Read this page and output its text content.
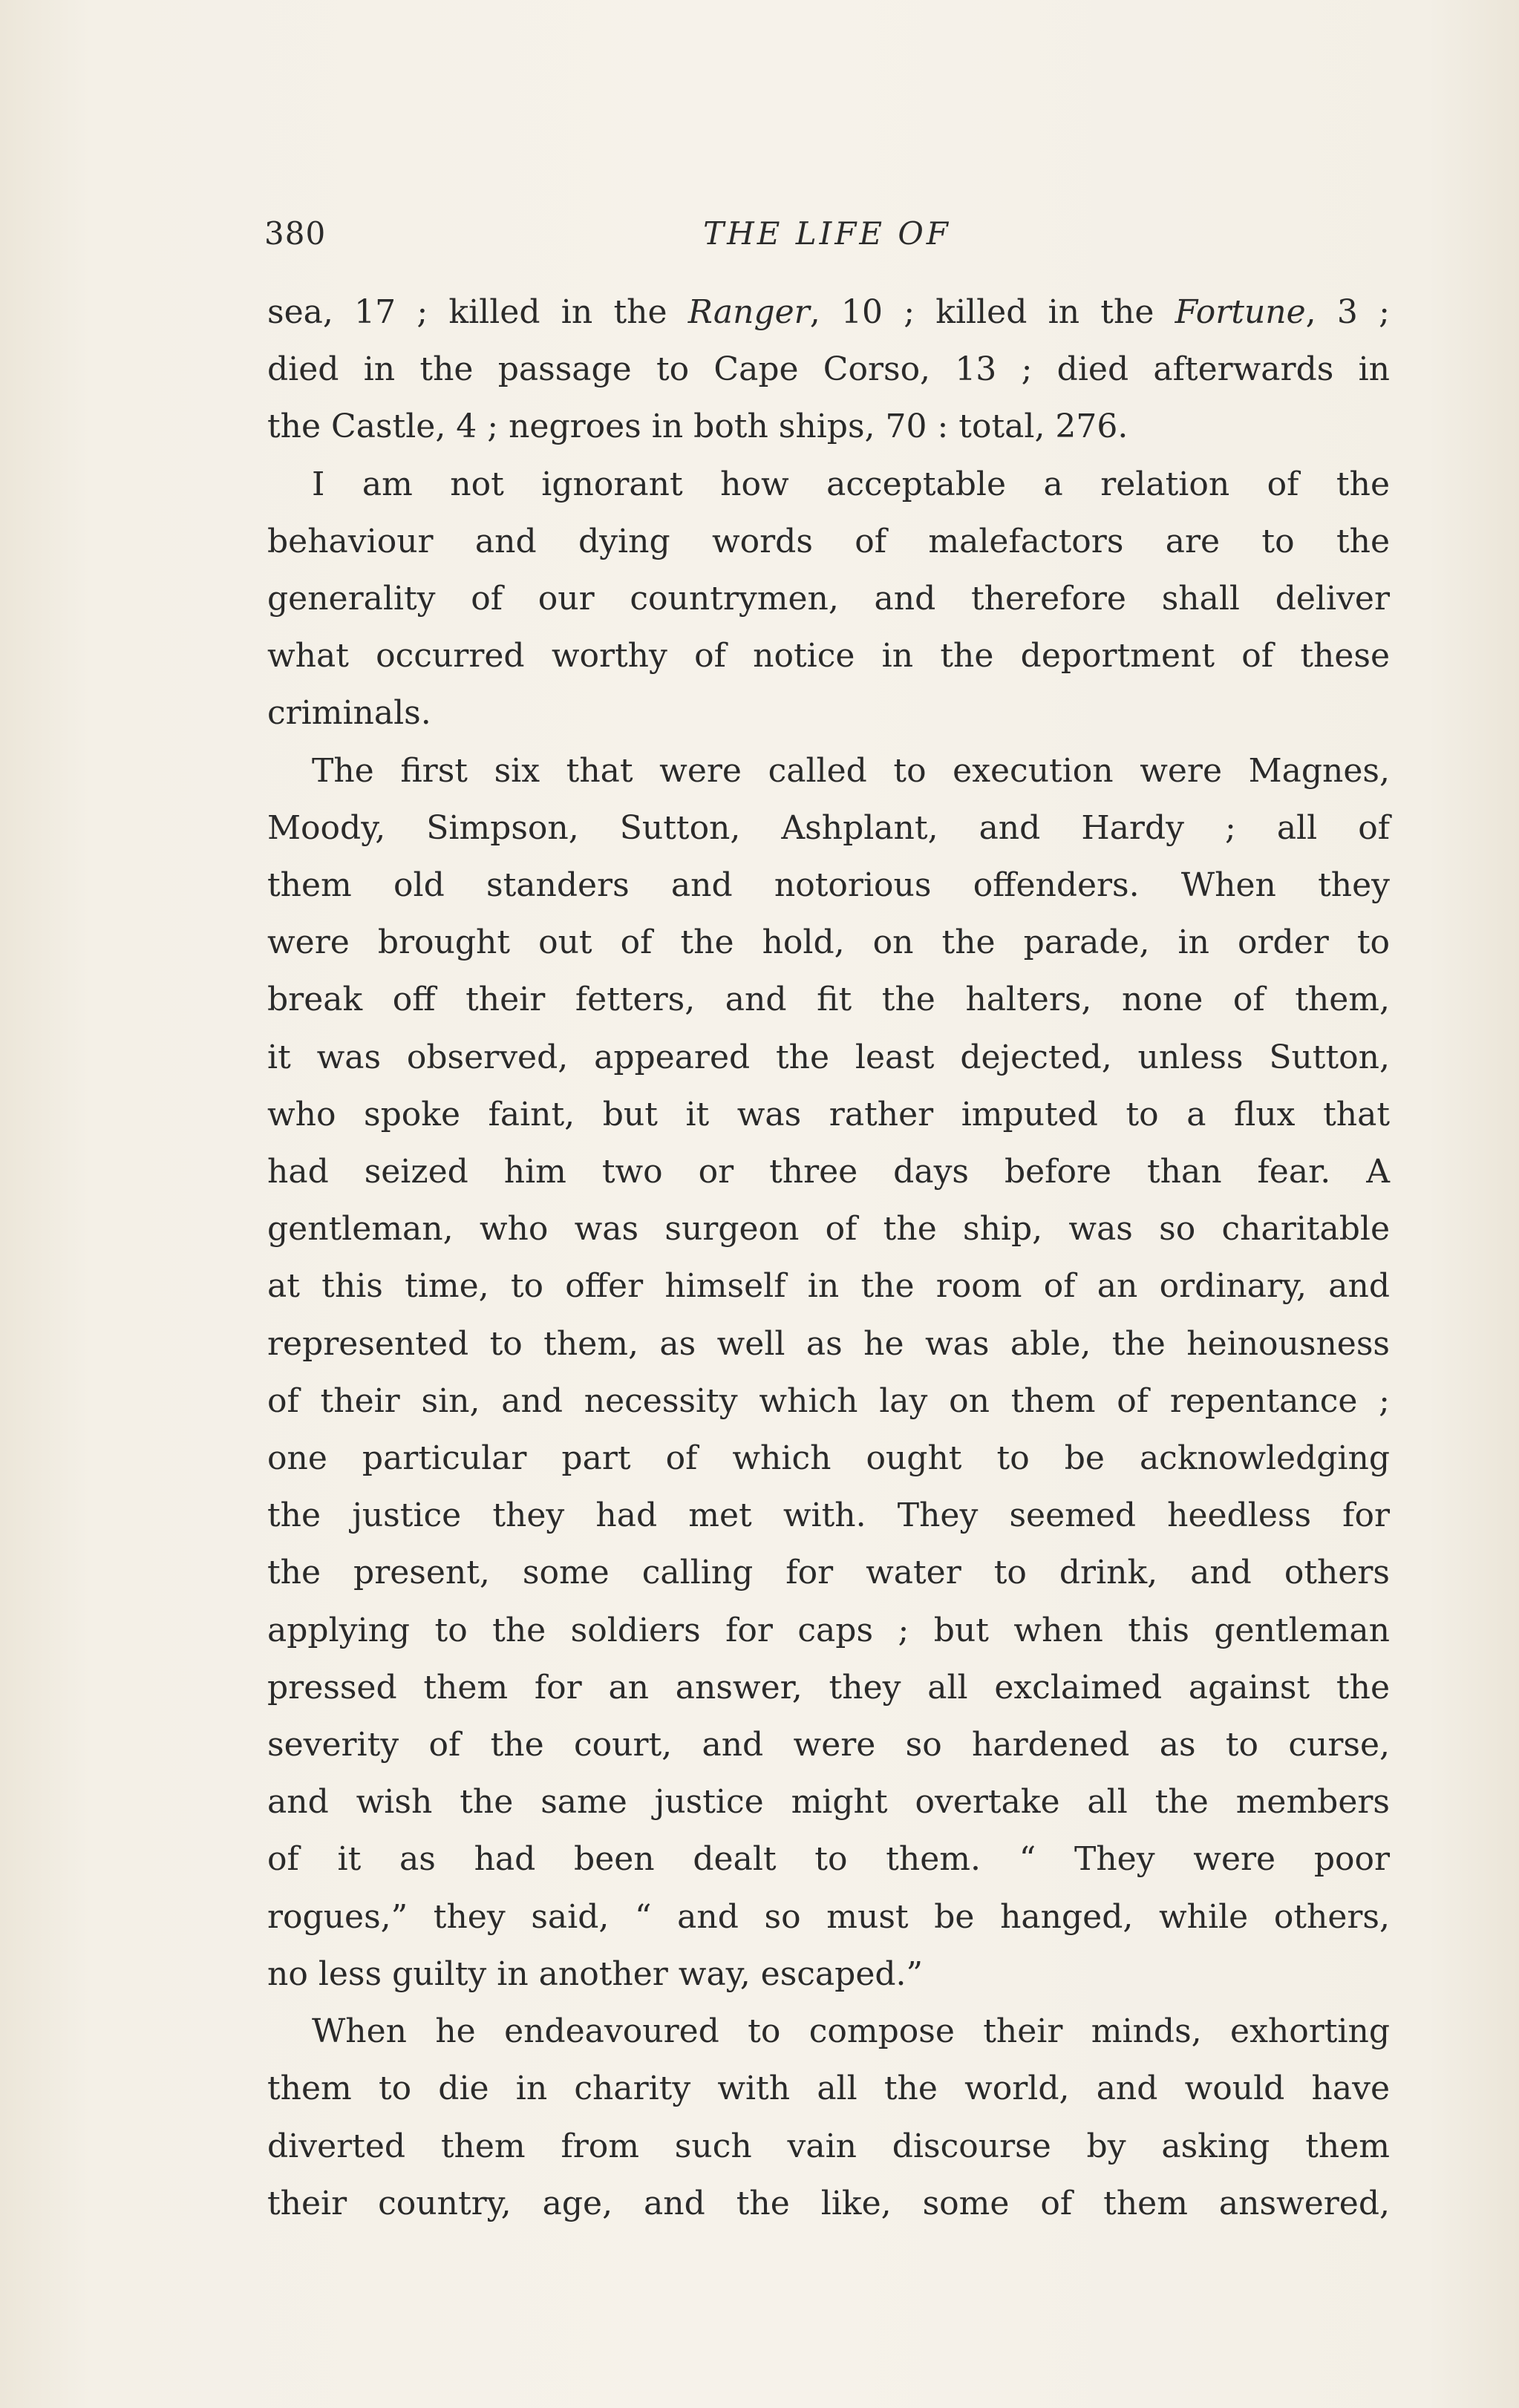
380	THE LIFE OF
sea, 17 ; killed in the Ranger, 10 ; killed in the Fortune, 3 ;
died in the passage to Cape Corso, 13 ; died afterwards in
the Castle, 4 ; negroes in both ships, 70 : total, 276.
I am not ignorant how acceptable a relation of the
behaviour and dying words of malefactors are to the
generality of our countrymen, and therefore shall deliver
what occurred worthy of notice in the deportment of these
criminals.
The first six that were called to execution were Magnes,
Moody, Simpson, Sutton, Ashplant, and Hardy ; all of
them old standers and notorious offenders. When they
were brought out of the hold, on the parade, in order to
break off their fetters, and fit the halters, none of them,
it was observed, appeared the least dejected, unless Sutton,
who spoke faint, but it was rather imputed to a flux that
had seized him two or three days before than fear. A
gentleman, who was surgeon of the ship, was so charitable
at this time, to offer himself in the room of an ordinary, and
represented to them, as well as he was able, the heinousness
of their sin, and necessity which lay on them of repentance ;
one particular part of which ought to be acknowledging
the justice they had met with. They seemed heedless for
the present, some calling for water to drink, and others
applying to the soldiers for caps ; but when this gentleman
pressed them for an answer, they all exclaimed against the
severity of the court, and were so hardened as to curse,
and wish the same justice might overtake all the members
of it as had been dealt to them. “ They were poor
rogues,” they said, “ and so must be hanged, while others,
no less guilty in another way, escaped.”
When he endeavoured to compose their minds, exhorting
them to die in charity with all the world, and would have
diverted them from such vain discourse by asking them
their country, age, and the like, some of them answered,
